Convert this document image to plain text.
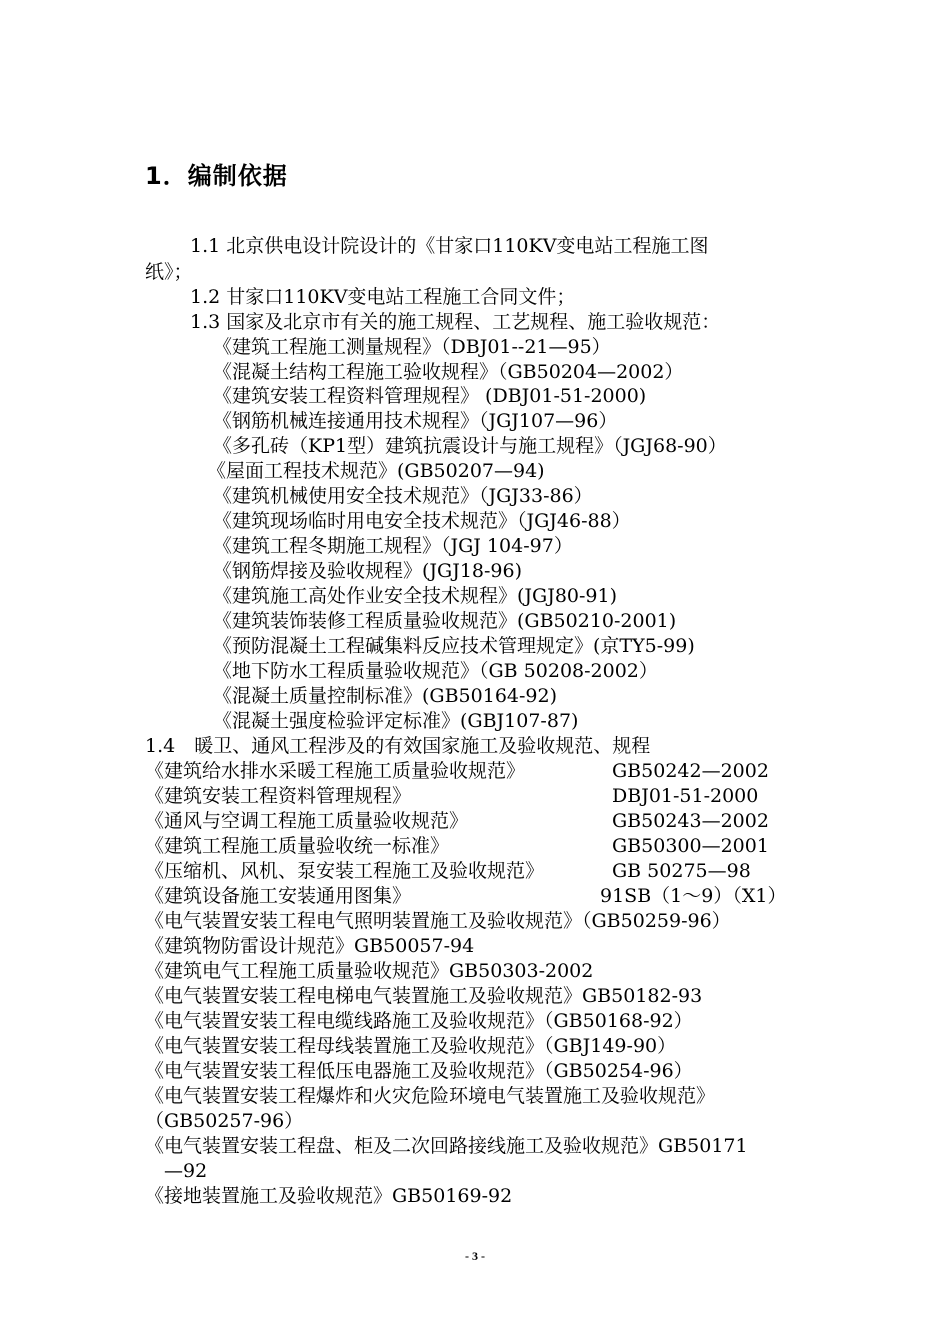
1．编制依据
1.1 北京供电设计院设计的《甘家口110KV变电站工程施工图
纸》；
1.2 甘家口110KV变电站工程施工合同文件；
1.3 国家及北京市有关的施工规程、工艺规程、施工验收规范：
《建筑工程施工测量规程》（DBJ01--21—95）
《混凝土结构工程施工验收规程》（GB50204—2002）
《建筑安装工程资料管理规程》 (DBJ01-51-2000)
《钢筋机械连接通用技术规程》（JGJ107—96）
《多孔砖（KP1型）建筑抗震设计与施工规程》（JGJ68-90）
《屋面工程技术规范》(GB50207—94)
《建筑机械使用安全技术规范》（JGJ33-86）
《建筑现场临时用电安全技术规范》（JGJ46-88）
《建筑工程冬期施工规程》（JGJ 104-97）
《钢筋焊接及验收规程》(JGJ18-96)
《建筑施工高处作业安全技术规程》(JGJ80-91)
《建筑装饰装修工程质量验收规范》(GB50210-2001)
《预防混凝土工程碱集料反应技术管理规定》(京TY5-99)
《地下防水工程质量验收规范》（GB 50208-2002）
《混凝土质量控制标准》(GB50164-92)
《混凝土强度检验评定标准》(GBJ107-87)
1.4　暖卫、通风工程涉及的有效国家施工及验收规范、规程
《建筑给水排水采暖工程施工质量验收规范》	GB50242—2002
《建筑安装工程资料管理规程》	DBJ01-51-2000
《通风与空调工程施工质量验收规范》	GB50243—2002
《建筑工程施工质量验收统一标准》	GB50300—2001
《压缩机、风机、泵安装工程施工及验收规范》	GB 50275—98
《建筑设备施工安装通用图集》	91SB（1～9）（X1）
《电气装置安装工程电气照明装置施工及验收规范》（GB50259-96）
《建筑物防雷设计规范》GB50057-94
《建筑电气工程施工质量验收规范》GB50303-2002
《电气装置安装工程电梯电气装置施工及验收规范》GB50182-93
《电气装置安装工程电缆线路施工及验收规范》（GB50168-92）
《电气装置安装工程母线装置施工及验收规范》（GBJ149-90）
《电气装置安装工程低压电器施工及验收规范》（GB50254-96）
《电气装置安装工程爆炸和火灾危险环境电气装置施工及验收规范》
（GB50257-96）
《电气装置安装工程盘、柜及二次回路接线施工及验收规范》GB50171
—92
《接地装置施工及验收规范》GB50169-92
- 3 -
